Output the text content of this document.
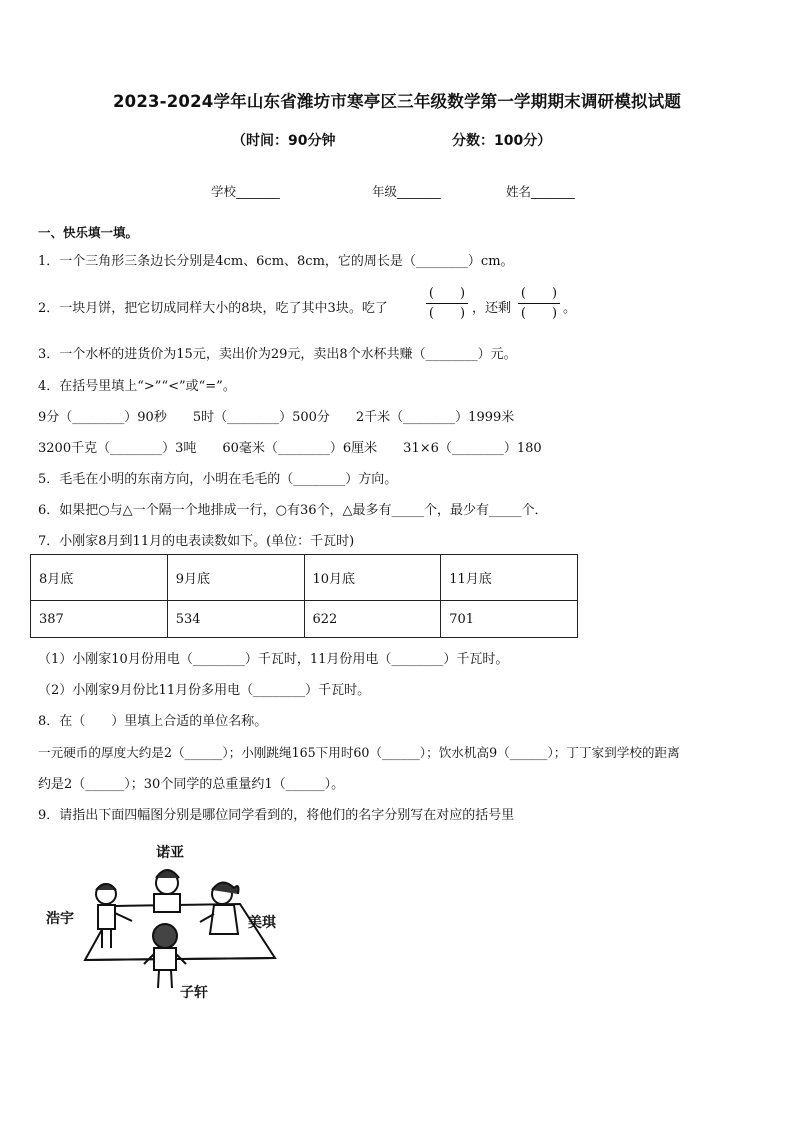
2023-2024学年山东省潍坊市寒亭区三年级数学第一学期期末调研模拟试题
（时间：90分钟	分数：100分）
学校_______	年级_______	姓名_______
一、快乐填一填。
1．一个三角形三条边长分别是4cm、6cm、8cm，它的周长是（________）cm。
2．一块月饼，把它切成同样大小的8块，吃了其中3块。吃了
(　　)
(　　) ，还剩
(　　)
(　　) 。
3．一个水杯的进货价为15元，卖出价为29元，卖出8个水杯共赚（________）元。
4．在括号里填上“>”“<”或“=”。
9分（________）90秒　　5时（________）500分　　2千米（________）1999米
3200千克（________）3吨　　60毫米（________）6厘米　　31×6（________）180
5．毛毛在小明的东南方向，小明在毛毛的（________）方向。
6．如果把○与△一个隔一个地排成一行，○有36个，△最多有_____个，最少有_____个．
7．小刚家8月到11月的电表读数如下。(单位：千瓦时)
8月底	9月底	10月底	11月底
387	534	622	701
（1）小刚家10月份用电（________）千瓦时，11月份用电（________）千瓦时。
（2）小刚家9月份比11月份多用电（________）千瓦时。
8．在（　　）里填上合适的单位名称。
一元硬币的厚度大约是2（______）；小刚跳绳165下用时60（______）；饮水机高9（______）；丁丁家到学校的距离
约是2（______）；30个同学的总重量约1（______）。
9．请指出下面四幅图分别是哪位同学看到的，将他们的名字分别写在对应的括号里
诺亚
浩宇	美琪
子轩
